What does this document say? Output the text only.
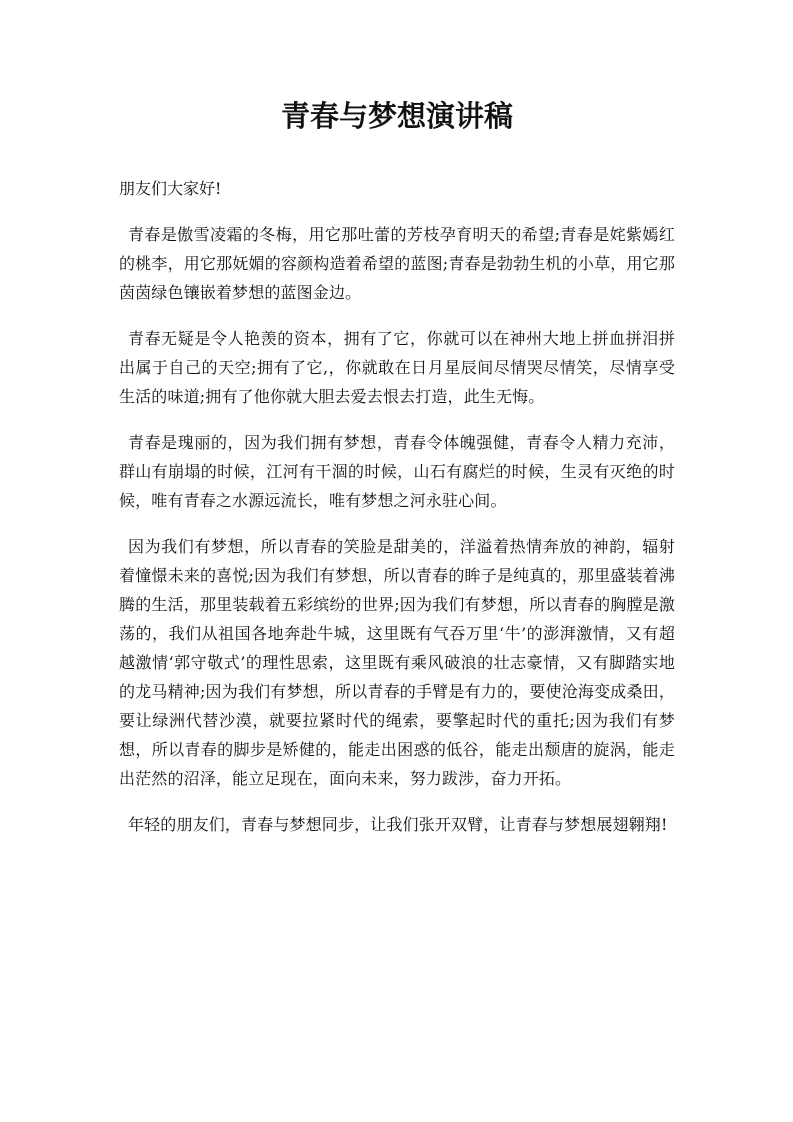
青春与梦想演讲稿

朋友们大家好!

青春是傲雪凌霜的冬梅，用它那吐蕾的芳枝孕育明天的希望;青春是姹紫嫣红的桃李，用它那妩媚的容颜构造着希望的蓝图;青春是勃勃生机的小草，用它那茵茵绿色镶嵌着梦想的蓝图金边。

青春无疑是令人艳羡的资本，拥有了它，你就可以在神州大地上拼血拼泪拼出属于自己的天空;拥有了它,，你就敢在日月星辰间尽情哭尽情笑，尽情享受生活的味道;拥有了他你就大胆去爱去恨去打造，此生无悔。

青春是瑰丽的，因为我们拥有梦想，青春令体魄强健，青春令人精力充沛，群山有崩塌的时候，江河有干涸的时候，山石有腐烂的时候，生灵有灭绝的时候，唯有青春之水源远流长，唯有梦想之河永驻心间。

因为我们有梦想，所以青春的笑脸是甜美的，洋溢着热情奔放的神韵，辐射着憧憬未来的喜悦;因为我们有梦想，所以青春的眸子是纯真的，那里盛装着沸腾的生活，那里装载着五彩缤纷的世界;因为我们有梦想，所以青春的胸膛是激荡的，我们从祖国各地奔赴牛城，这里既有气吞万里‘牛’的澎湃激情，又有超越激情‘郭守敬式’的理性思索，这里既有乘风破浪的壮志豪情，又有脚踏实地的龙马精神;因为我们有梦想，所以青春的手臂是有力的，要使沧海变成桑田，要让绿洲代替沙漠，就要拉紧时代的绳索，要擎起时代的重托;因为我们有梦想，所以青春的脚步是矫健的，能走出困惑的低谷，能走出颓唐的旋涡，能走出茫然的沼泽，能立足现在，面向未来，努力跋涉，奋力开拓。

年轻的朋友们，青春与梦想同步，让我们张开双臂，让青春与梦想展翅翱翔!
